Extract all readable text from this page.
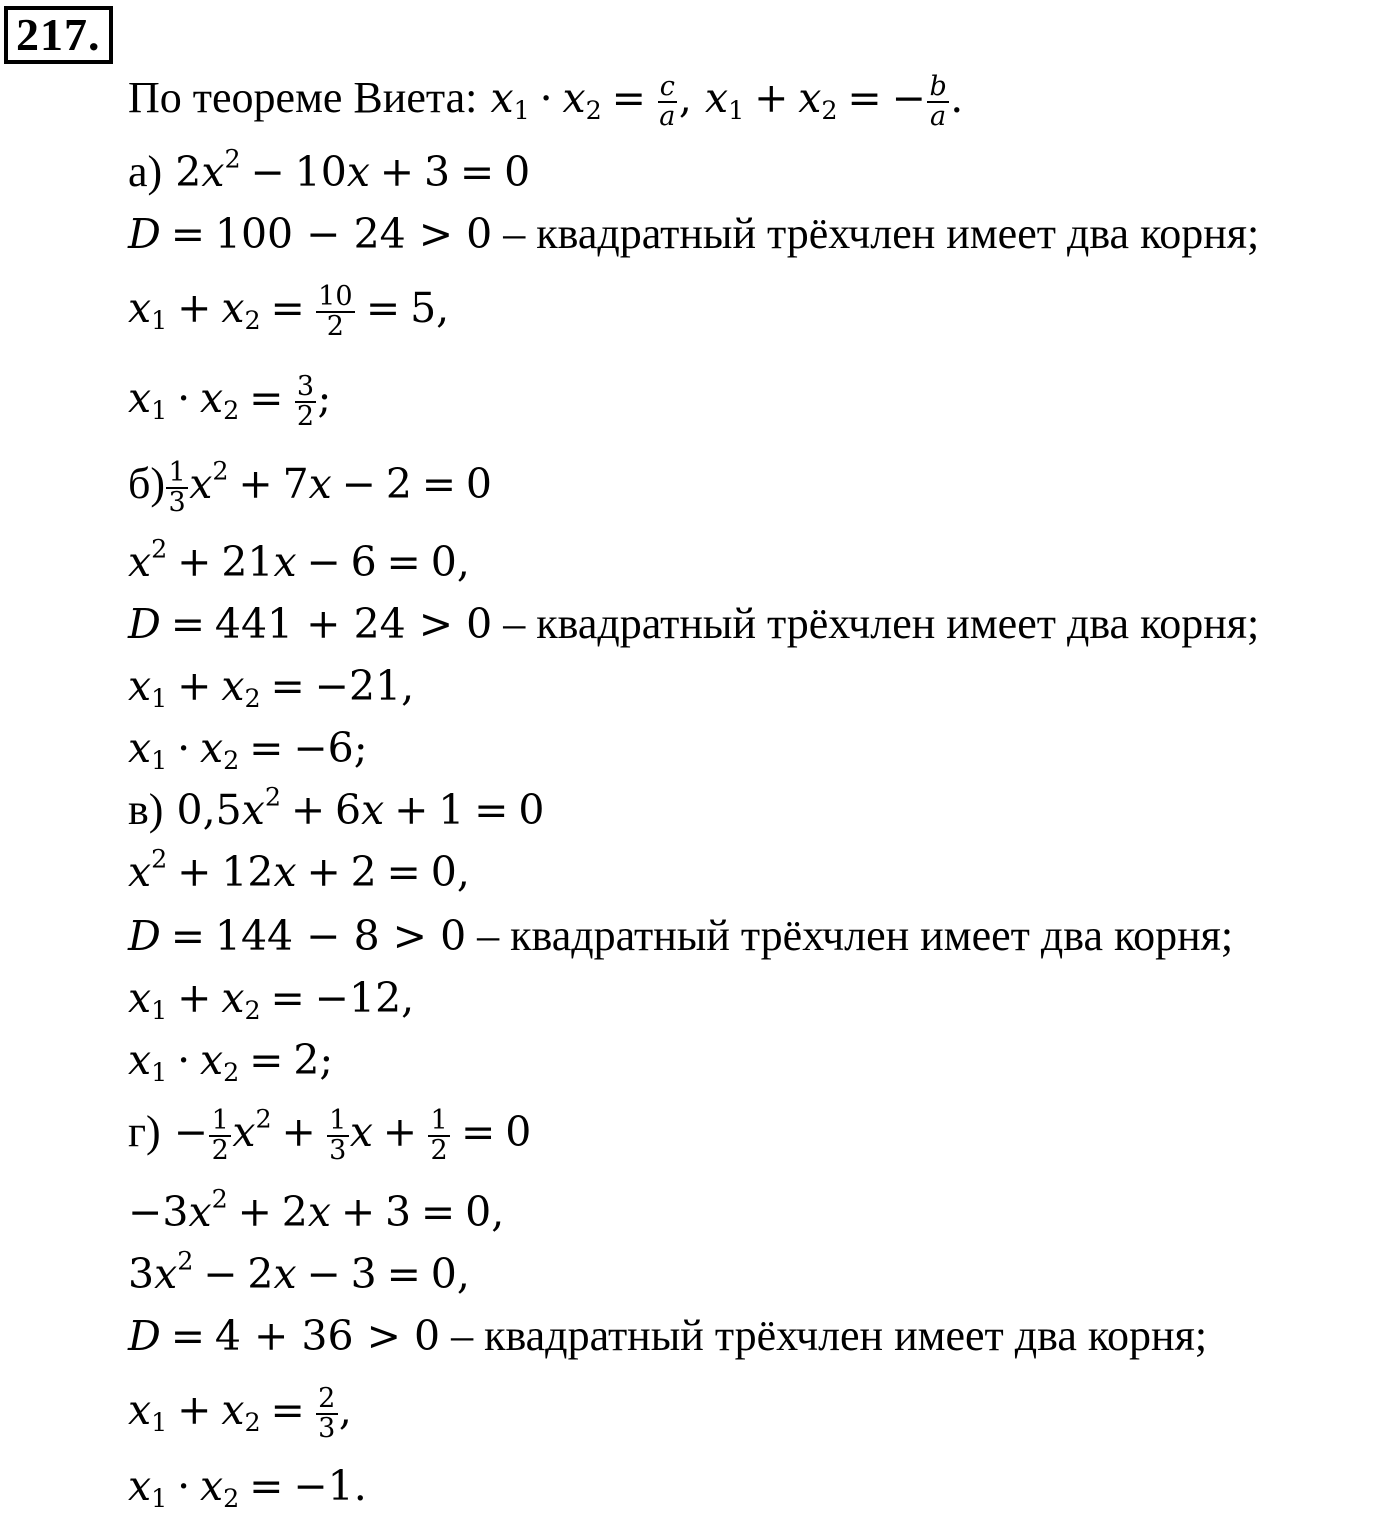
217.
По теореме Виета: $x_1 \cdot x_2 = \frac{c}{a}$ , $x_1 + x_2$ = − $\frac{b}{a}$ .
а) $2x^2 - 10x + 3 = 0$
D = 100 − 24 > 0 – квадратный трёхчлен имеет два корня;
$x_1 + x_2 = \frac{10}{2} = 5$,
$x_1 \cdot x_2 = \frac{3}{2}$ ;
$б) \frac{1}{3} x^2 + 7x - 2 = 0$
$x^2 + 21x - 6 = 0$,
D = 441 + 24 > 0 – квадратный трёхчлен имеет два корня;
$x_1 + x_2 = -21$,
$x_1 \cdot x_2 = -6$;
в) $0,5x^2 + 6x + 1 = 0$
$x^2 + 12x + 2 = 0$,
D = 144 − 8 > 0 – квадратный трёхчлен имеет два корня;
$x_1 + x_2 = -12$,
$x_1 \cdot x_2 = 2$;
$г) - \frac{1}{2} x^2 + \frac{1}{3}$ $x + \frac{1}{2} = 0$
$-3x^2 + 2x + 3 = 0$,
$3x^2 - 2x - 3 = 0$,
D = 4 + 36 > 0 – квадратный трёхчлен имеет два корня;
$x_1 + x_2 = \frac{2}{3}$ ,
$x_1 \cdot x_2 = -1$.
